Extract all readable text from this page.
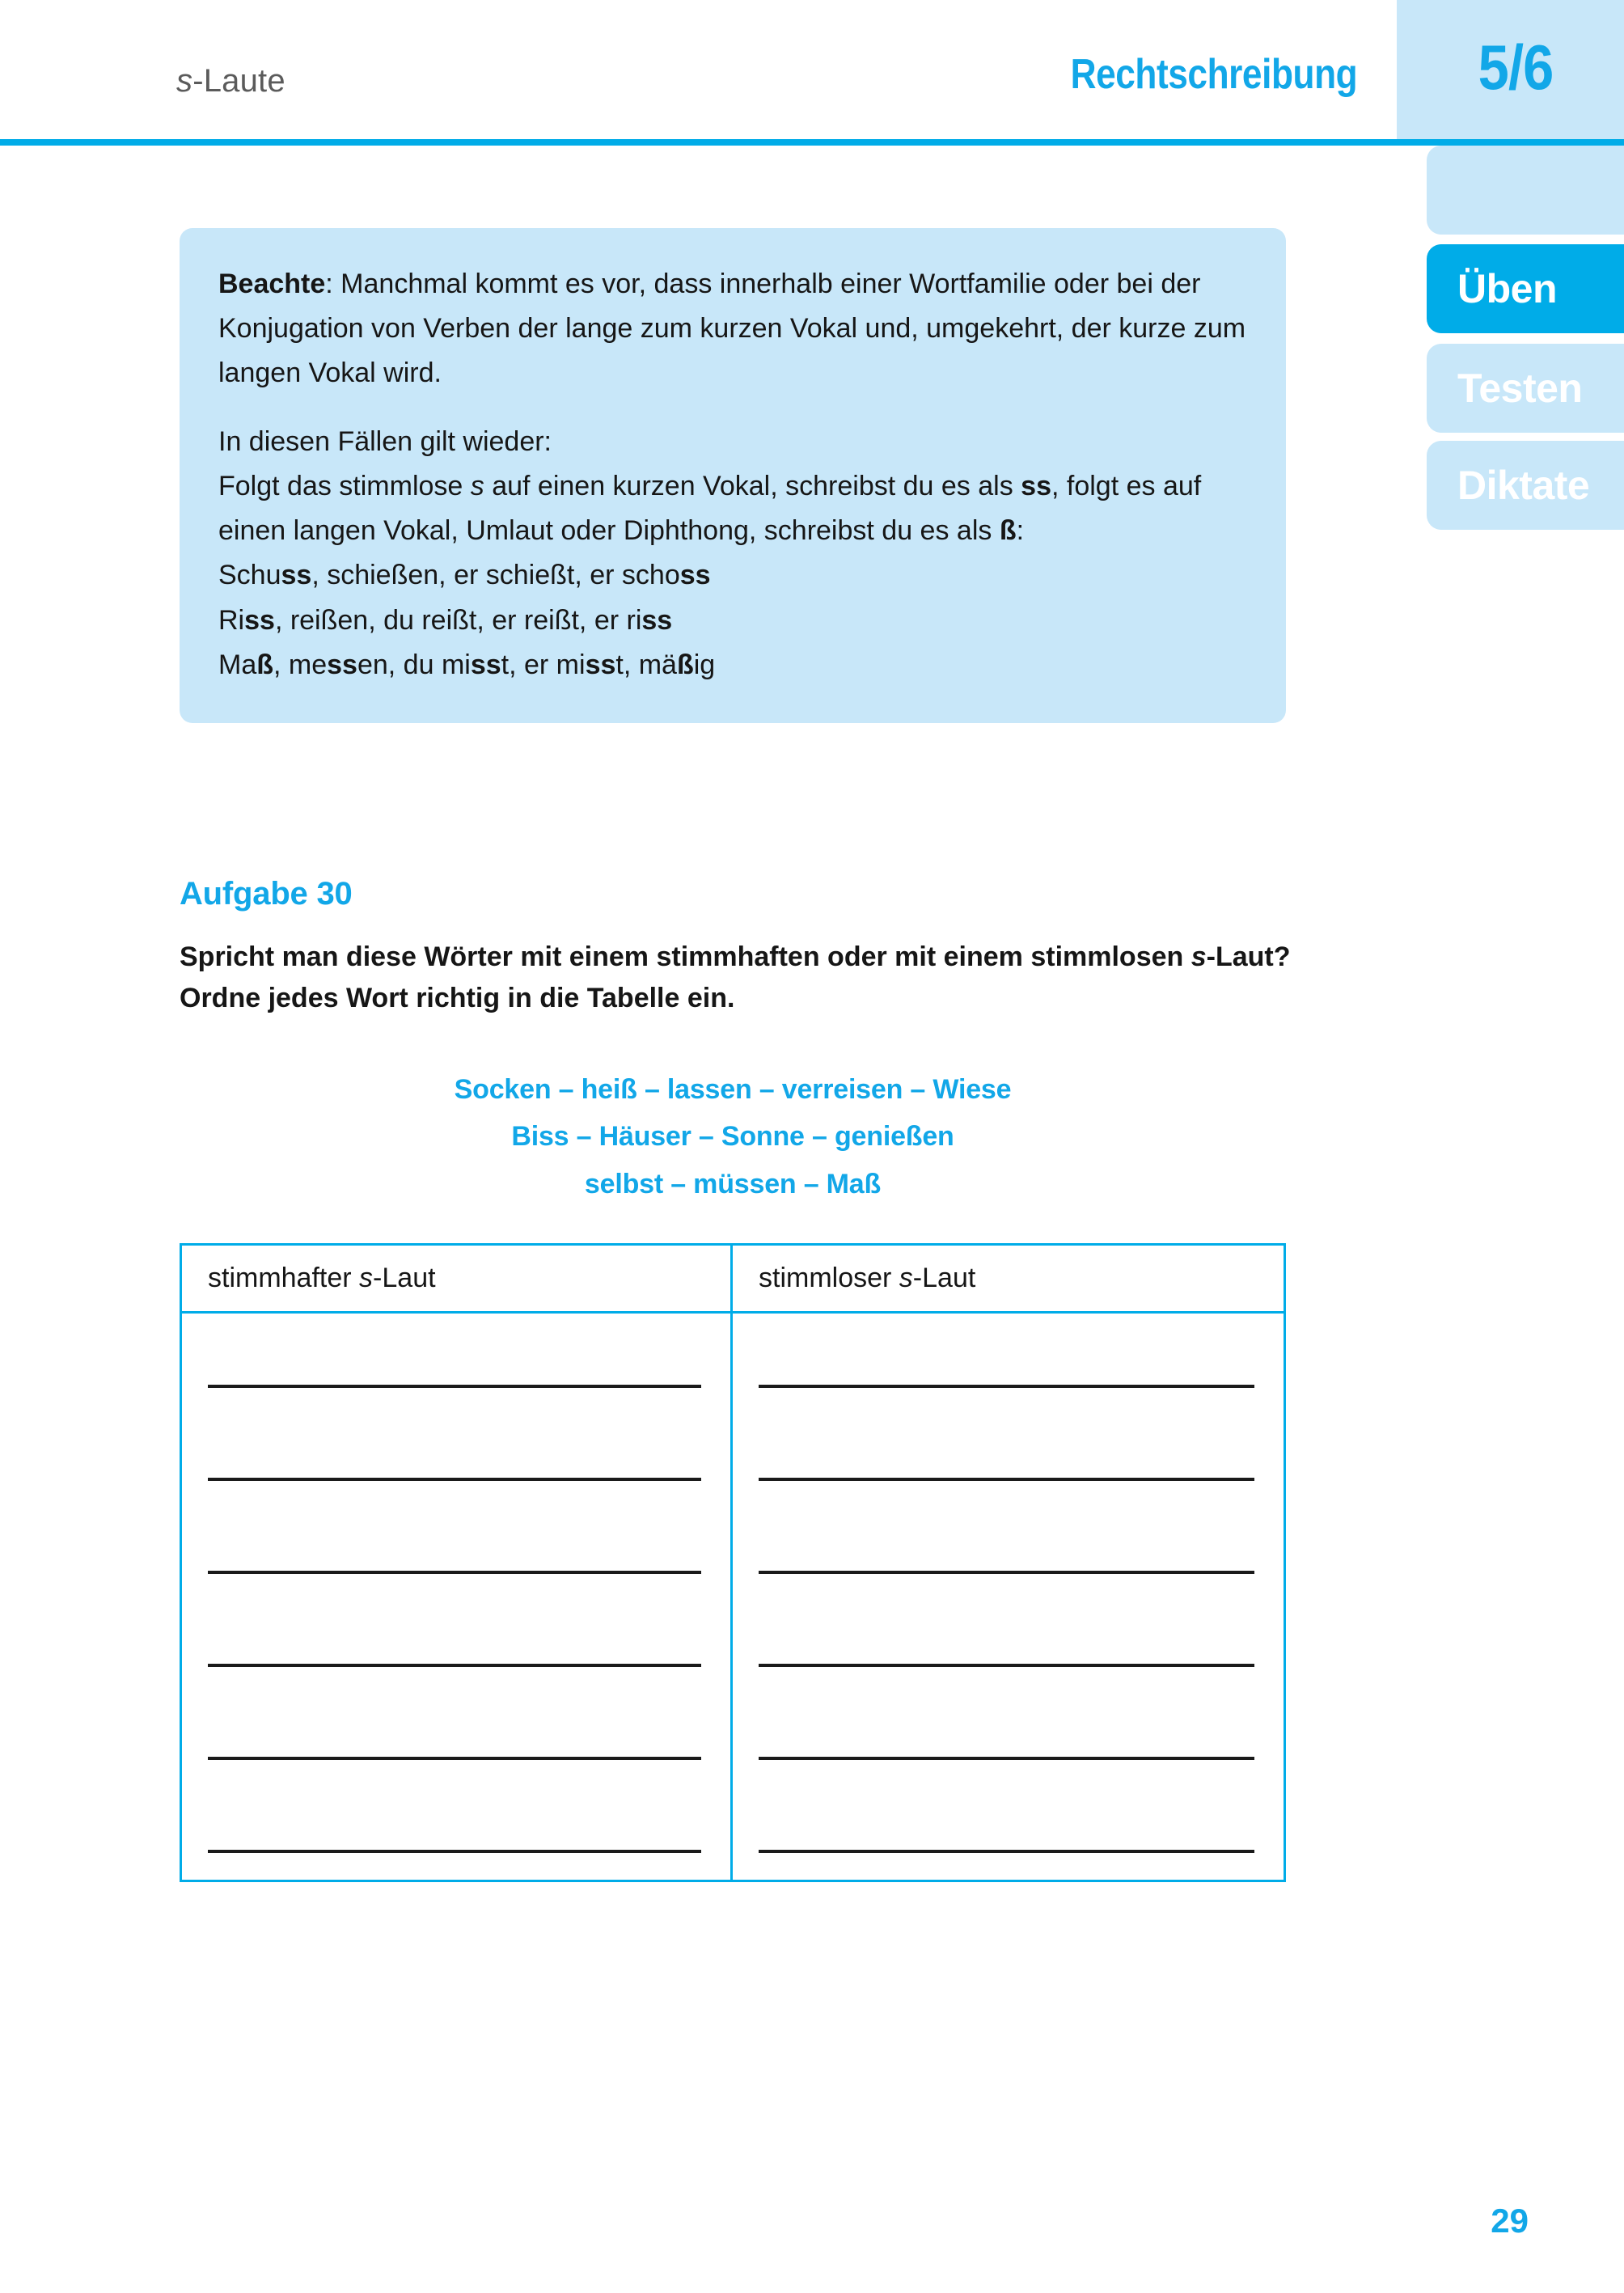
s-Laute	Rechtschreibung 5/6
Üben
Testen
Diktate

Beachte: Manchmal kommt es vor, dass innerhalb einer Wortfamilie oder bei der Konjugation von Verben der lange zum kurzen Vokal und, umgekehrt, der kurze zum langen Vokal wird.

In diesen Fällen gilt wieder:
Folgt das stimmlose s auf einen kurzen Vokal, schreibst du es als ss, folgt es auf einen langen Vokal, Umlaut oder Diphthong, schreibst du es als ß:
Schuss, schießen, er schießt, er schoss
Riss, reißen, du reißt, er reißt, er riss
Maß, messen, du misst, er misst, mäßig

Aufgabe 30
Spricht man diese Wörter mit einem stimmhaften oder mit einem stimmlosen s-Laut? Ordne jedes Wort richtig in die Tabelle ein.
Socken – heiß – lassen – verreisen – Wiese
Biss – Häuser – Sonne – genießen
selbst – müssen – Maß
stimmhafter s-Laut	stimmloser s-Laut
29
